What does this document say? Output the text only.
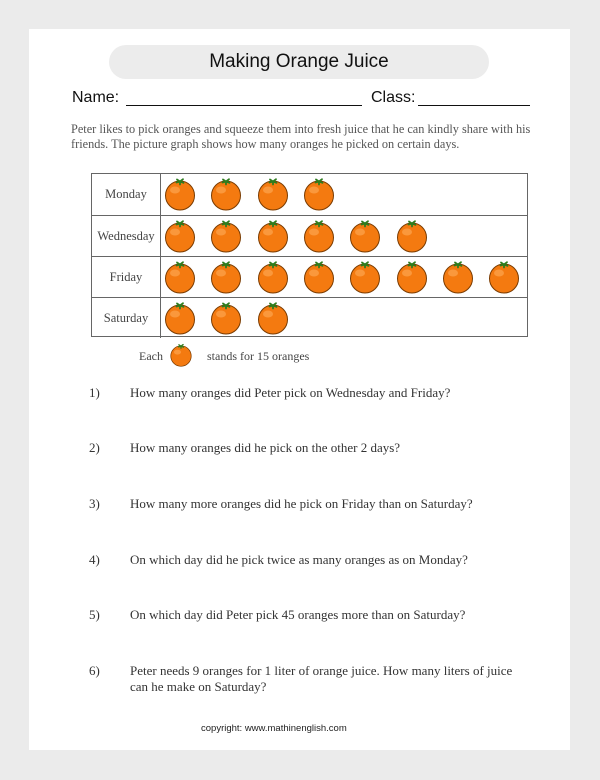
Making Orange Juice
Name:	Class:
Peter likes to pick oranges and squeeze them into fresh juice that he can kindly share with his friends. The picture graph shows how many oranges he picked on certain days.
Monday
Wednesday
Friday
Saturday
Each	stands for 15 oranges
1) How many oranges did Peter pick on Wednesday and Friday?
2) How many oranges did he pick on the other 2 days?
3) How many more oranges did he pick on Friday than on Saturday?
4) On which day did he pick twice as many oranges as on Monday?
5) On which day did Peter pick 45 oranges more than on Saturday?
6) Peter needs 9 oranges for 1 liter of orange juice. How many liters of juice can he make on Saturday?
copyright: www.mathinenglish.com
